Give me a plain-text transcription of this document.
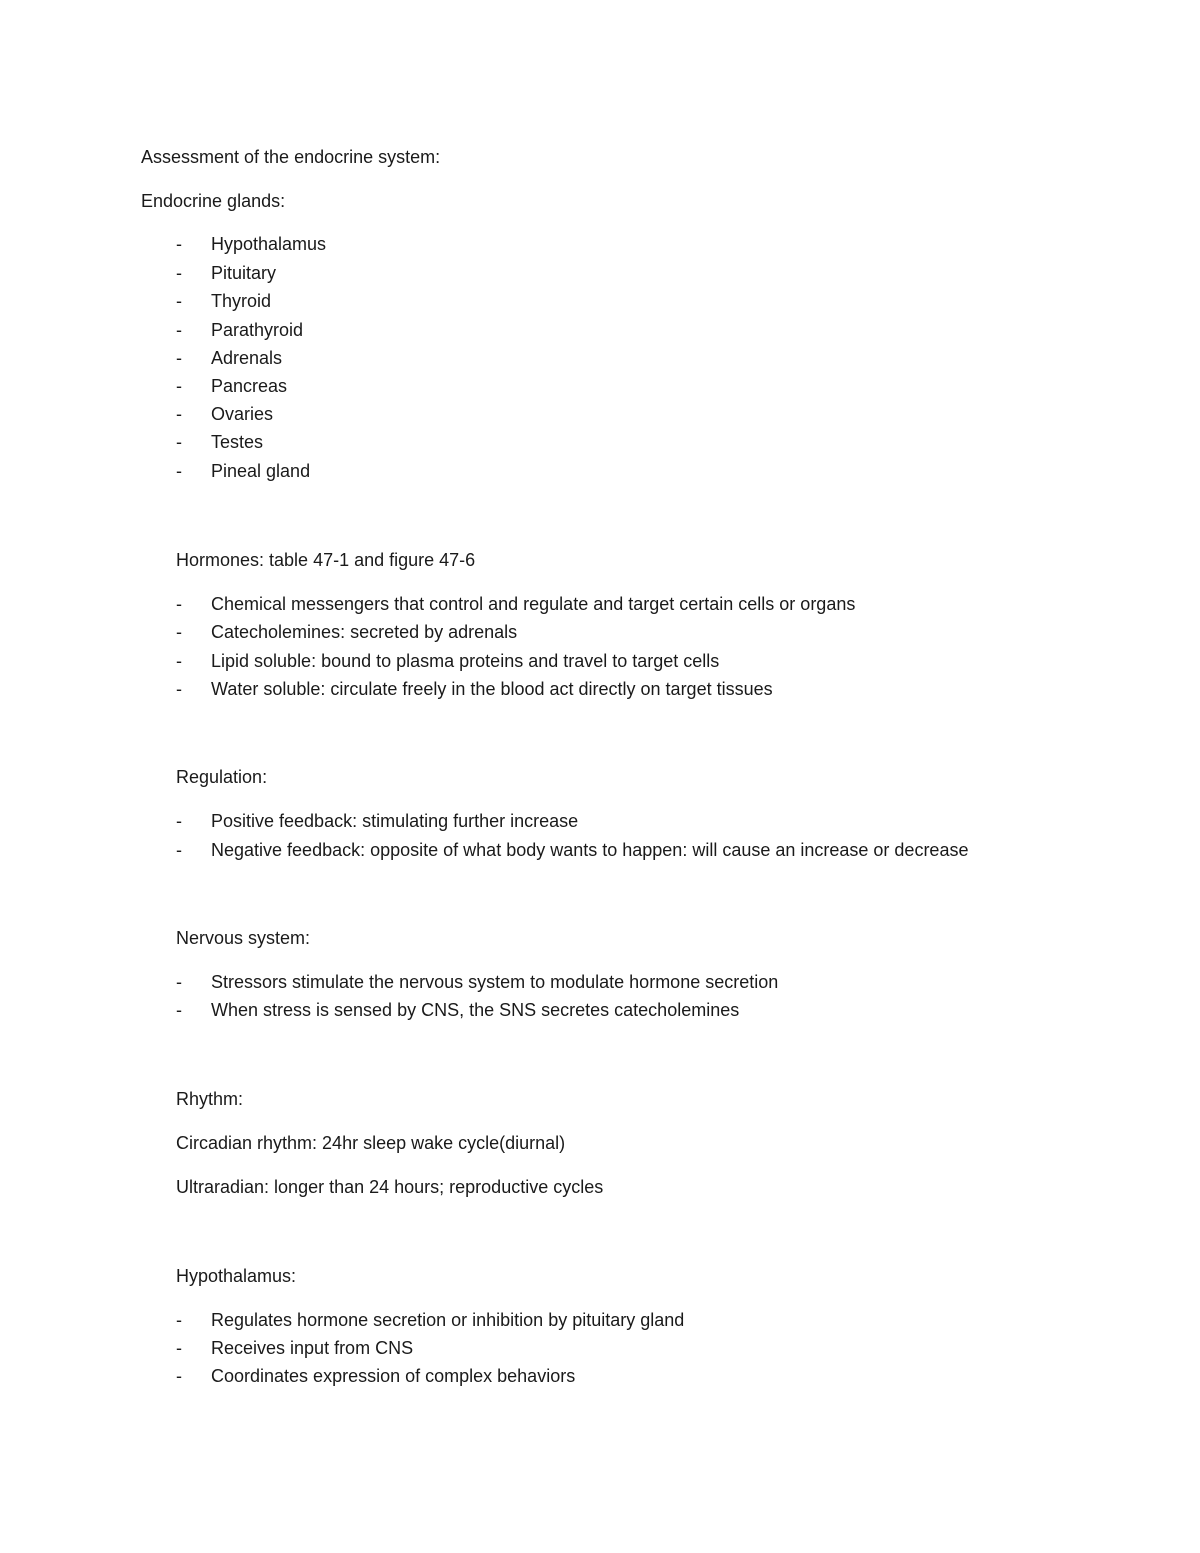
Assessment of the endocrine system:
Endocrine glands:
- Hypothalamus
- Pituitary
- Thyroid
- Parathyroid
- Adrenals
- Pancreas
- Ovaries
- Testes
- Pineal gland
Hormones: table 47-1 and figure 47-6
- Chemical messengers that control and regulate and target certain cells or organs
- Catecholemines: secreted by adrenals
- Lipid soluble: bound to plasma proteins and travel to target cells
- Water soluble: circulate freely in the blood act directly on target tissues
Regulation:
- Positive feedback: stimulating further increase
- Negative feedback: opposite of what body wants to happen: will cause an increase or decrease
Nervous system:
- Stressors stimulate the nervous system to modulate hormone secretion
- When stress is sensed by CNS, the SNS secretes catecholemines
Rhythm:
Circadian rhythm: 24hr sleep wake cycle(diurnal)
Ultraradian: longer than 24 hours; reproductive cycles
Hypothalamus:
- Regulates hormone secretion or inhibition by pituitary gland
- Receives input from CNS
- Coordinates expression of complex behaviors
